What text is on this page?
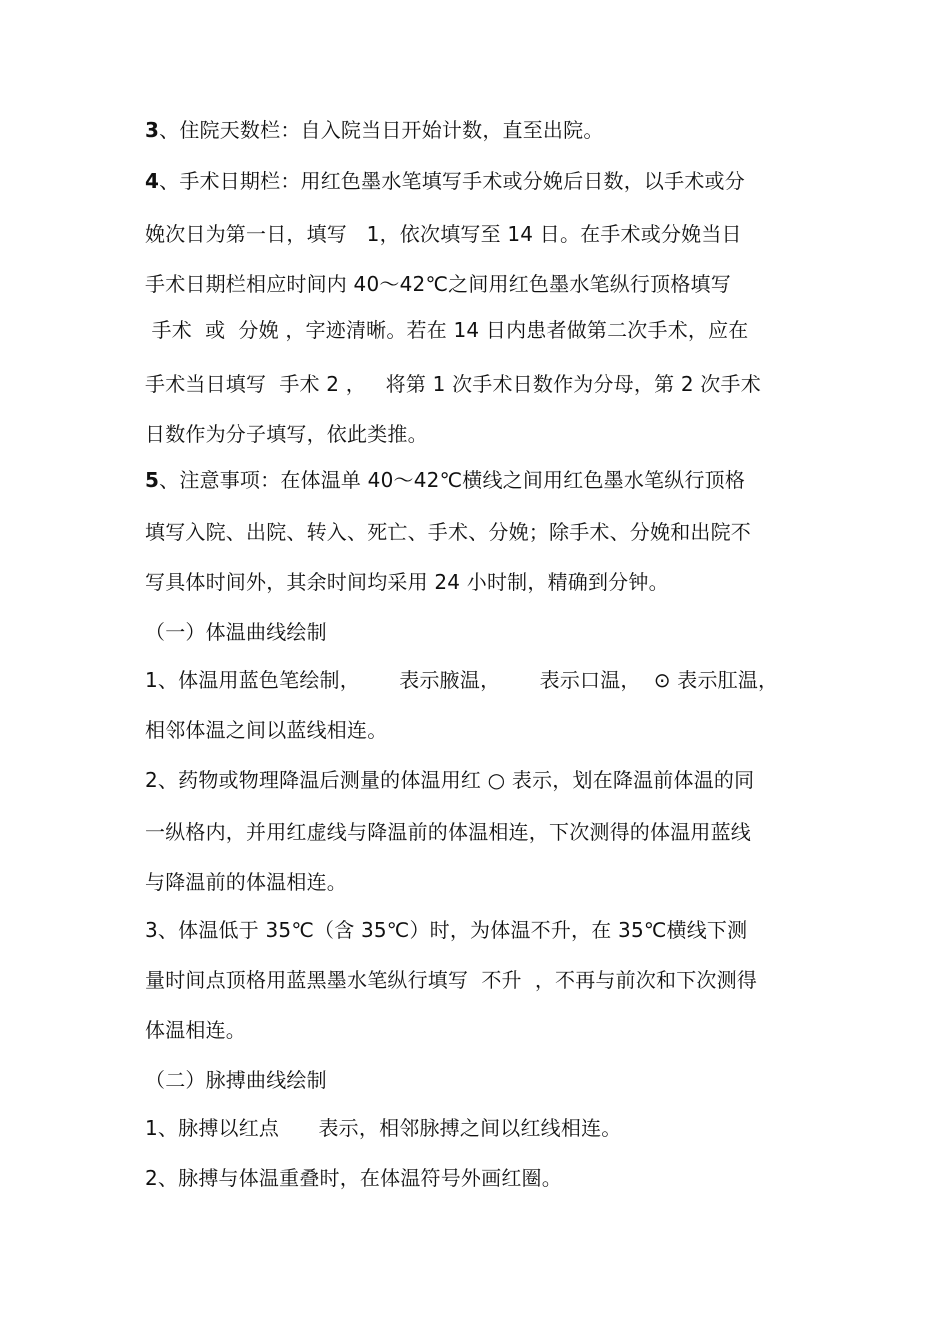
3、住院天数栏：自入院当日开始计数，直至出院。
4、手术日期栏：用红色墨水笔填写手术或分娩后日数，以手术或分
娩次日为第一日，填写   1，依次填写至 14 日。在手术或分娩当日
手术日期栏相应时间内 40～42℃之间用红色墨水笔纵行顶格填写
手术  或  分娩 ，字迹清晰。若在 14 日内患者做第二次手术，应在
手术当日填写  手术 2 ，   将第 1 次手术日数作为分母，第 2 次手术
日数作为分子填写，依此类推。
5、注意事项：在体温单 40～42℃横线之间用红色墨水笔纵行顶格
填写入院、出院、转入、死亡、手术、分娩；除手术、分娩和出院不
写具体时间外，其余时间均采用 24 小时制，精确到分钟。
（一）体温曲线绘制
1、体温用蓝色笔绘制，      表示腋温，      表示口温，  ⊙ 表示肛温，
相邻体温之间以蓝线相连。
2、药物或物理降温后测量的体温用红 ○ 表示，划在降温前体温的同
一纵格内，并用红虚线与降温前的体温相连，下次测得的体温用蓝线
与降温前的体温相连。
3、体温低于 35℃（含 35℃）时，为体温不升，在 35℃横线下测
量时间点顶格用蓝黑墨水笔纵行填写  不升  ，不再与前次和下次测得
体温相连。
（二）脉搏曲线绘制
1、脉搏以红点      表示，相邻脉搏之间以红线相连。
2、脉搏与体温重叠时，在体温符号外画红圈。
